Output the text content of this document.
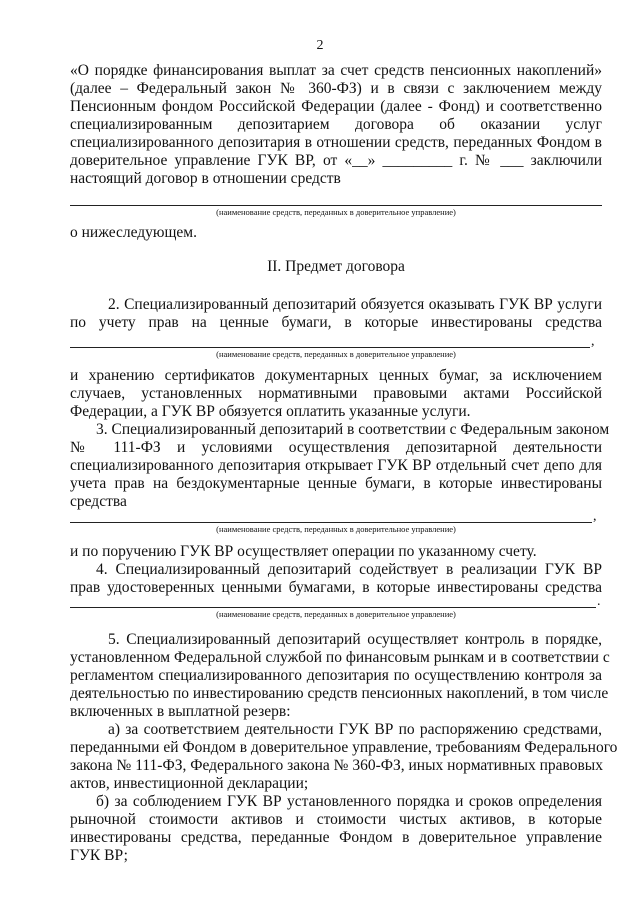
2
«О порядке финансирования выплат за счет средств пенсионных накоплений»
(далее – Федеральный закон № 360-ФЗ) и в связи с заключением между
Пенсионным фондом Российской Федерации (далее - Фонд) и соответственно
специализированным депозитарием договора об оказании услуг
специализированного депозитария в отношении средств, переданных Фондом в
доверительное управление ГУК ВР, от «__» _________ г. № ___ заключили
настоящий договор в отношении средств
о нижеследующем.
II. Предмет договора
2. Специализированный депозитарий обязуется оказывать ГУК ВР услуги
по учету прав на ценные бумаги, в которые инвестированы средства
и хранению сертификатов документарных ценных бумаг, за исключением
случаев, установленных нормативными правовыми актами Российской
Федерации, а ГУК ВР обязуется оплатить указанные услуги.
3. Специализированный депозитарий в соответствии с Федеральным законом
№ 111-ФЗ и условиями осуществления депозитарной деятельности
специализированного депозитария открывает ГУК ВР отдельный счет депо для
учета прав на бездокументарные ценные бумаги, в которые инвестированы
средства
и по поручению ГУК ВР осуществляет операции по указанному счету.
4. Специализированный депозитарий содействует в реализации ГУК ВР
прав удостоверенных ценными бумагами, в которые инвестированы средства
5. Специализированный депозитарий осуществляет контроль в порядке,
установленном Федеральной службой по финансовым рынкам и в соответствии с
регламентом специализированного депозитария по осуществлению контроля за
деятельностью по инвестированию средств пенсионных накоплений, в том числе
включенных в выплатной резерв:
а) за соответствием деятельности ГУК ВР по распоряжению средствами,
переданными ей Фондом в доверительное управление, требованиям Федерального
закона № 111-ФЗ, Федерального закона № 360-ФЗ, иных нормативных правовых
актов, инвестиционной декларации;
б) за соблюдением ГУК ВР установленного порядка и сроков определения
рыночной стоимости активов и стоимости чистых активов, в которые
инвестированы средства, переданные Фондом в доверительное управление
ГУК ВР;
(наименование средств, переданных в доверительное управление)
,
(наименование средств, переданных в доверительное управление)
,
(наименование средств, переданных в доверительное управление)
.
(наименование средств, переданных в доверительное управление)
